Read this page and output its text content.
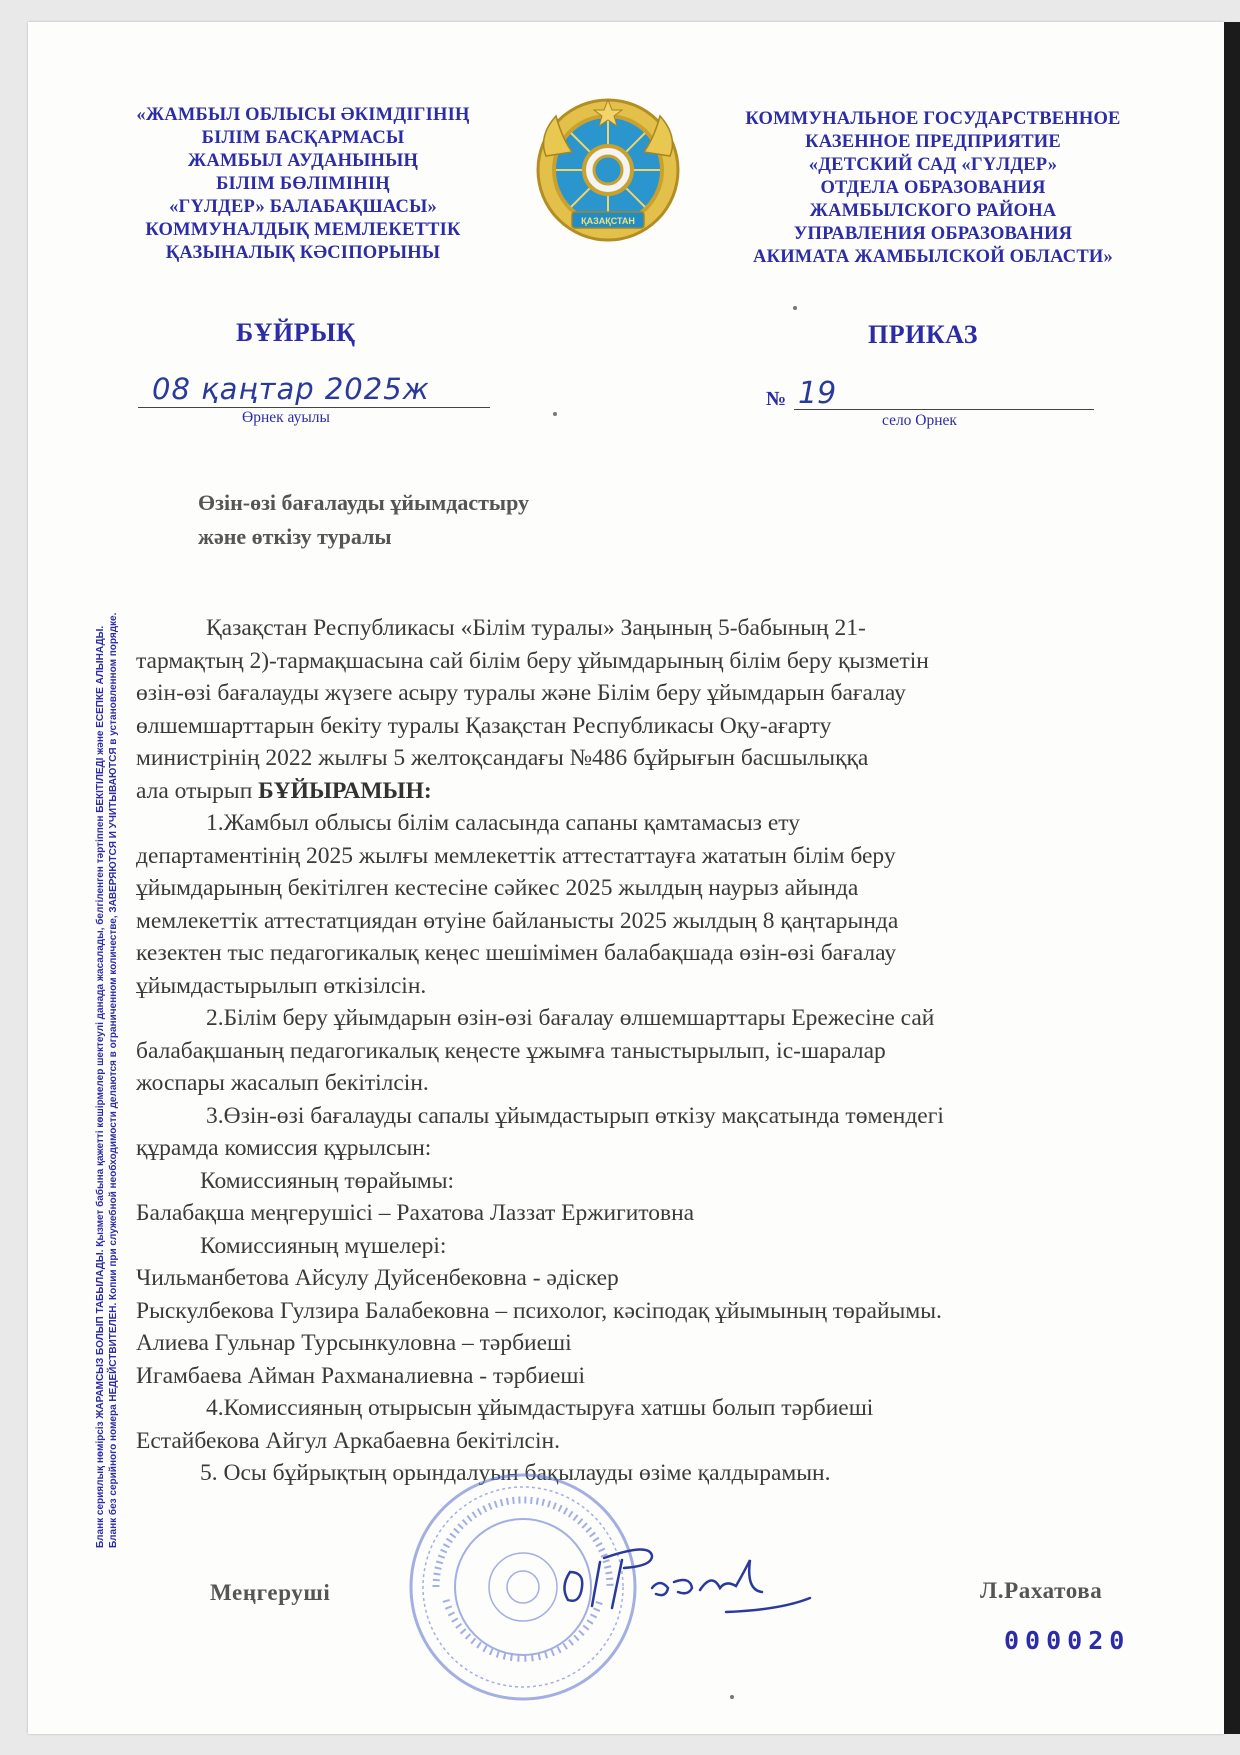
«ЖАМБЫЛ ОБЛЫСЫ ӘКІМДІГІНІҢ
БІЛІМ БАСҚАРМАСЫ
ЖАМБЫЛ АУДАНЫНЫҢ
БІЛІМ БӨЛІМІНІҢ
«ГҮЛДЕР» БАЛАБАҚШАСЫ»
КОММУНАЛДЫҚ МЕМЛЕКЕТТІК
ҚАЗЫНАЛЫҚ КӘСІПОРЫНЫ
ҚАЗАҚСТАН
КОММУНАЛЬНОЕ ГОСУДАРСТВЕННОЕ
КАЗЕННОЕ ПРЕДПРИЯТИЕ
«ДЕТСКИЙ САД «ГҮЛДЕР»
ОТДЕЛА ОБРАЗОВАНИЯ
ЖАМБЫЛСКОГО РАЙОНА
УПРАВЛЕНИЯ ОБРАЗОВАНИЯ
АКИМАТА ЖАМБЫЛСКОЙ ОБЛАСТИ»
БҰЙРЫҚ	ПРИКАЗ
08 қаңтар 2025ж
Өрнек ауылы
№ 19
село Орнек
Өзін-өзі бағалауды ұйымдастыру
және өткізу туралы
Бланк сериялық нөмірсіз ЖАРАМСЫЗ БОЛЫП ТАБЫЛАДЫ. Қызмет бабына қажетті көшірмелер шектеулі данада жасалады, белгіленген тәртіппен БЕКІТІЛЕДІ және ЕСЕПКЕ АЛЫНАДЫ. Бланк без серийного номера НЕДЕЙСТВИТЕЛЕН. Копии при служебной необходимости делаются в ограниченном количестве, ЗАВЕРЯЮТСЯ И УЧИТЫВАЮТСЯ в установленном порядке.	Қазақстан Республикасы «Білім туралы» Заңының 5-бабының 21-
тармақтың 2)-тармақшасына сай білім беру ұйымдарының білім беру қызметін
өзін-өзі бағалауды жүзеге асыру туралы және Білім беру ұйымдарын бағалау
өлшемшарттарын бекіту туралы Қазақстан Республикасы Оқу-ағарту
министрінің 2022 жылғы 5 желтоқсандағы №486 бұйрығын басшылыққа
ала отырып БҰЙЫРАМЫН:
1.Жамбыл облысы білім саласында сапаны қамтамасыз ету
департаментінің 2025 жылғы мемлекеттік аттестаттауға жататын білім беру
ұйымдарының бекітілген кестесіне сәйкес 2025 жылдың наурыз айында
мемлекеттік аттестатциядан өтуіне байланысты 2025 жылдың 8 қаңтарында
кезектен тыс педагогикалық кеңес шешімімен балабақшада өзін-өзі бағалау
ұйымдастырылып өткізілсін.
2.Білім беру ұйымдарын өзін-өзі бағалау өлшемшарттары Ережесіне сай
балабақшаның педагогикалық кеңесте ұжымға таныстырылып, іс-шаралар
жоспары жасалып бекітілсін.
3.Өзін-өзі бағалауды сапалы ұйымдастырып өткізу мақсатында төмендегі
құрамда комиссия құрылсын:
Комиссияның төрайымы:
Балабақша меңгерушісі – Рахатова Лаззат Ержигитовна
Комиссияның мүшелері:
Чильманбетова Айсулу Дуйсенбековна - әдіскер
Рыскулбекова Гулзира Балабековна – психолог, кәсіподақ ұйымының төрайымы.
Алиева Гульнар Турсынкуловна – тәрбиеші
Игамбаева Айман Рахманалиевна - тәрбиеші
4.Комиссияның отырысын ұйымдастыруға хатшы болып тәрбиеші
Естайбекова Айгул Аркабаевна бекітілсін.
5. Осы бұйрықтың орындалуын бақылауды өзіме қалдырамын.
Меңгеруші	Л.Рахатова
000020
